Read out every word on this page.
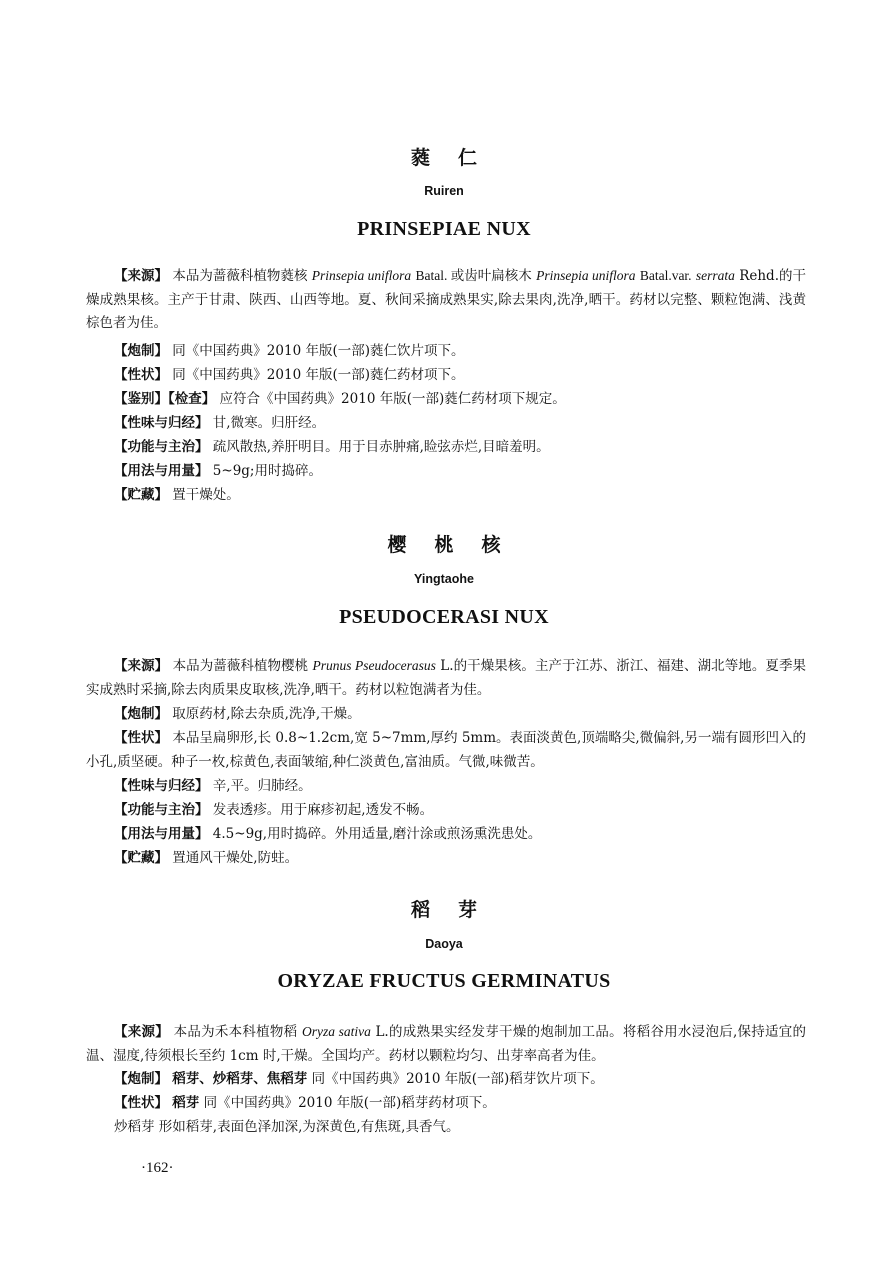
蕤仁
Ruiren
PRINSEPIAE NUX
【来源】 本品为蔷薇科植物蕤核 Prinsepia uniflora Batal. 或齿叶扁核木 Prinsepia uniflora Batal.var. serrata Rehd.的干燥成熟果核。主产于甘肃、陕西、山西等地。夏、秋间采摘成熟果实,除去果肉,洗净,晒干。药材以完整、颗粒饱满、浅黄棕色者为佳。
【炮制】 同《中国药典》2010 年版(一部)蕤仁饮片项下。
【性状】 同《中国药典》2010 年版(一部)蕤仁药材项下。
【鉴别】【检查】 应符合《中国药典》2010 年版(一部)蕤仁药材项下规定。
【性味与归经】 甘,微寒。归肝经。
【功能与主治】 疏风散热,养肝明目。用于目赤肿痛,睑弦赤烂,目暗羞明。
【用法与用量】 5~9g;用时捣碎。
【贮藏】 置干燥处。
樱桃核
Yingtaohe
PSEUDOCERASI NUX
【来源】 本品为蔷薇科植物樱桃 Prunus Pseudocerasus L.的干燥果核。主产于江苏、浙江、福建、湖北等地。夏季果实成熟时采摘,除去肉质果皮取核,洗净,晒干。药材以粒饱满者为佳。
【炮制】 取原药材,除去杂质,洗净,干燥。
【性状】 本品呈扁卵形,长 0.8~1.2cm,宽 5~7mm,厚约 5mm。表面淡黄色,顶端略尖,微偏斜,另一端有圆形凹入的小孔,质坚硬。种子一枚,棕黄色,表面皱缩,种仁淡黄色,富油质。气微,味微苦。
【性味与归经】 辛,平。归肺经。
【功能与主治】 发表透疹。用于麻疹初起,透发不畅。
【用法与用量】 4.5~9g,用时捣碎。外用适量,磨汁涂或煎汤熏洗患处。
【贮藏】 置通风干燥处,防蛀。
稻芽
Daoya
ORYZAE FRUCTUS GERMINATUS
【来源】 本品为禾本科植物稻 Oryza sativa L.的成熟果实经发芽干燥的炮制加工品。将稻谷用水浸泡后,保持适宜的温、湿度,待须根长至约 1cm 时,干燥。全国均产。药材以颗粒均匀、出芽率高者为佳。
【炮制】 稻芽、炒稻芽、焦稻芽 同《中国药典》2010 年版(一部)稻芽饮片项下。
【性状】 稻芽 同《中国药典》2010 年版(一部)稻芽药材项下。
炒稻芽 形如稻芽,表面色泽加深,为深黄色,有焦斑,具香气。
·162·
